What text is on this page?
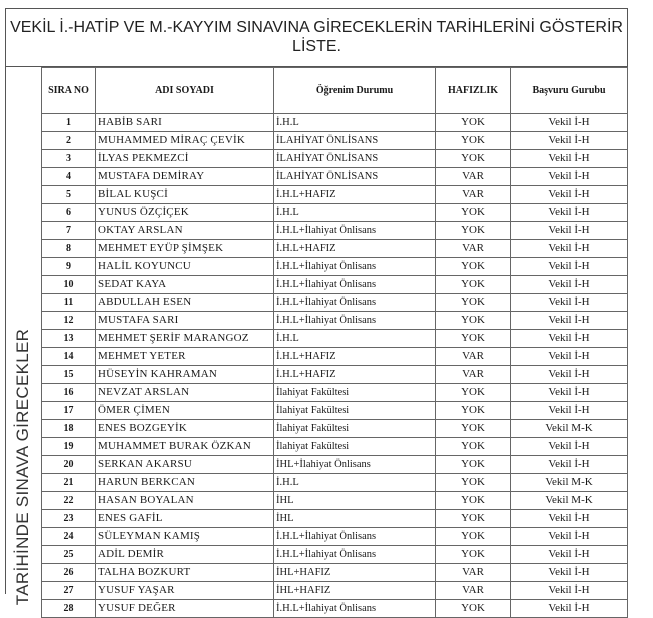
VEKİL İ.-HATİP VE M.-KAYYIM SINAVINA GİRECEKLERİN TARİHLERİNİ GÖSTERİR
LİSTE.
TARİHİNDE SINAVA GİRECEKLER
SIRA NO	ADI SOYADI	Öğrenim Durumu	HAFIZLIK	Başvuru Gurubu
1	HABİB SARI	İ.H.L	YOK	Vekil İ-H
2	MUHAMMED MİRAÇ ÇEVİK	İLAHİYAT ÖNLİSANS	YOK	Vekil İ-H
3	İLYAS PEKMEZCİ	İLAHİYAT ÖNLİSANS	YOK	Vekil İ-H
4	MUSTAFA DEMİRAY	İLAHİYAT ÖNLİSANS	VAR	Vekil İ-H
5	BİLAL KUŞCİ	İ.H.L+HAFIZ	VAR	Vekil İ-H
6	YUNUS ÖZÇİÇEK	İ.H.L	YOK	Vekil İ-H
7	OKTAY ARSLAN	İ.H.L+İlahiyat Önlisans	YOK	Vekil İ-H
8	MEHMET EYÜP ŞİMŞEK	İ.H.L+HAFIZ	VAR	Vekil İ-H
9	HALİL KOYUNCU	İ.H.L+İlahiyat Önlisans	YOK	Vekil İ-H
10	SEDAT KAYA	İ.H.L+İlahiyat Önlisans	YOK	Vekil İ-H
11	ABDULLAH ESEN	İ.H.L+İlahiyat Önlisans	YOK	Vekil İ-H
12	MUSTAFA SARI	İ.H.L+İlahiyat Önlisans	YOK	Vekil İ-H
13	MEHMET ŞERİF MARANGOZ	İ.H.L	YOK	Vekil İ-H
14	MEHMET YETER	İ.H.L+HAFIZ	VAR	Vekil İ-H
15	HÜSEYİN KAHRAMAN	İ.H.L+HAFIZ	VAR	Vekil İ-H
16	NEVZAT ARSLAN	İlahiyat Fakültesi	YOK	Vekil İ-H
17	ÖMER ÇİMEN	İlahiyat Fakültesi	YOK	Vekil İ-H
18	ENES BOZGEYİK	İlahiyat Fakültesi	YOK	Vekil M-K
19	MUHAMMET BURAK ÖZKAN	İlahiyat Fakültesi	YOK	Vekil İ-H
20	SERKAN AKARSU	İHL+İlahiyat Önlisans	YOK	Vekil İ-H
21	HARUN BERKCAN	İ.H.L	YOK	Vekil M-K
22	HASAN BOYALAN	İHL	YOK	Vekil M-K
23	ENES GAFİL	İHL	YOK	Vekil İ-H
24	SÜLEYMAN KAMIŞ	İ.H.L+İlahiyat Önlisans	YOK	Vekil İ-H
25	ADİL DEMİR	İ.H.L+İlahiyat Önlisans	YOK	Vekil İ-H
26	TALHA BOZKURT	İHL+HAFIZ	VAR	Vekil İ-H
27	YUSUF YAŞAR	İHL+HAFIZ	VAR	Vekil İ-H
28	YUSUF DEĞER	İ.H.L+İlahiyat Önlisans	YOK	Vekil İ-H
